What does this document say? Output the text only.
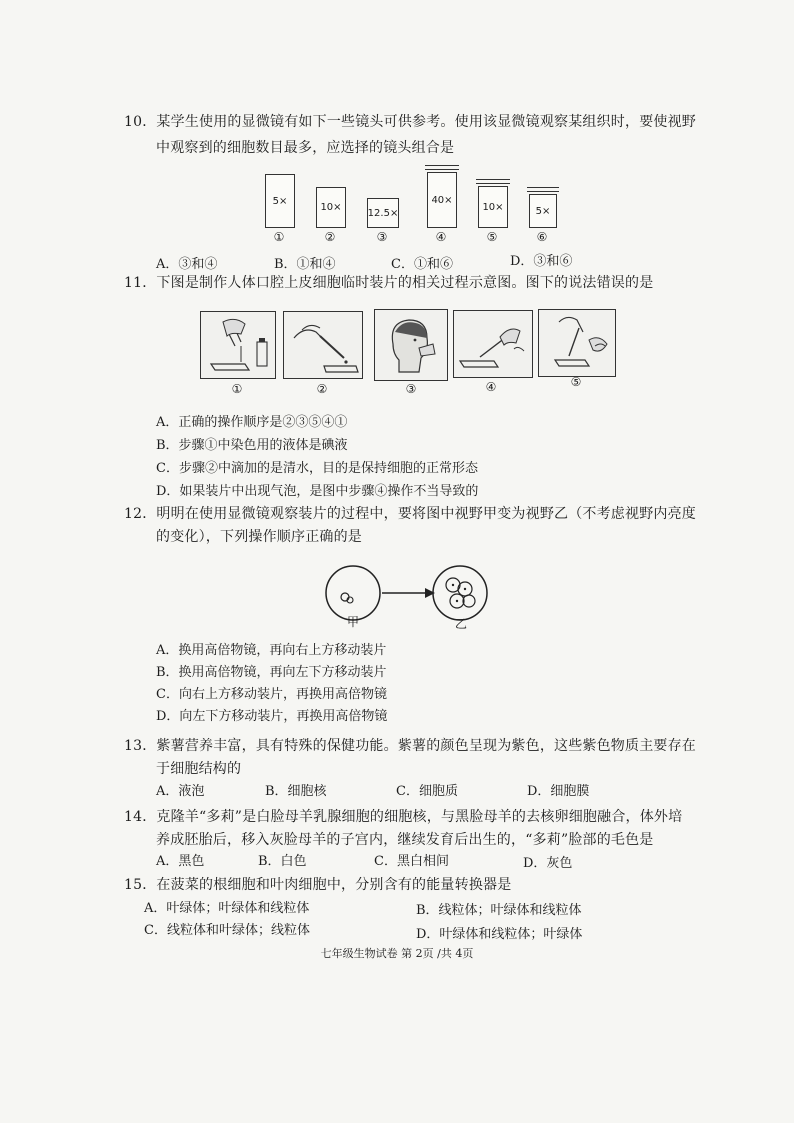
10．某学生使用的显微镜有如下一些镜头可供参考。使用该显微镜观察某组织时，要使视野
中观察到的细胞数目最多，应选择的镜头组合是
5×
①
10×
②
12.5×
③
40×
④
10×
⑤
5×
⑥
A．③和④	B．①和④	C．①和⑥	D．③和⑥
11．下图是制作人体口腔上皮细胞临时装片的相关过程示意图。图下的说法错误的是
①	②	③	④	⑤
A．正确的操作顺序是②③⑤④①
B．步骤①中染色用的液体是碘液
C．步骤②中滴加的是清水，目的是保持细胞的正常形态
D．如果装片中出现气泡，是图中步骤④操作不当导致的
12．明明在使用显微镜观察装片的过程中，要将图中视野甲变为视野乙（不考虑视野内亮度
的变化），下列操作顺序正确的是
甲	乙
A．换用高倍物镜，再向右上方移动装片
B．换用高倍物镜，再向左下方移动装片
C．向右上方移动装片，再换用高倍物镜
D．向左下方移动装片，再换用高倍物镜
13．紫薯营养丰富，具有特殊的保健功能。紫薯的颜色呈现为紫色，这些紫色物质主要存在
于细胞结构的
A．液泡	B．细胞核	C．细胞质	D．细胞膜
14．克隆羊“多莉”是白脸母羊乳腺细胞的细胞核，与黑脸母羊的去核卵细胞融合，体外培
养成胚胎后，移入灰脸母羊的子宫内，继续发育后出生的，“多莉”脸部的毛色是
A．黑色	B．白色	C．黑白相间	D．灰色
15．在菠菜的根细胞和叶肉细胞中，分别含有的能量转换器是
A．叶绿体；叶绿体和线粒体	B．线粒体；叶绿体和线粒体
C．线粒体和叶绿体；线粒体	D．叶绿体和线粒体；叶绿体
七年级生物试卷 第 2页 /共 4页
